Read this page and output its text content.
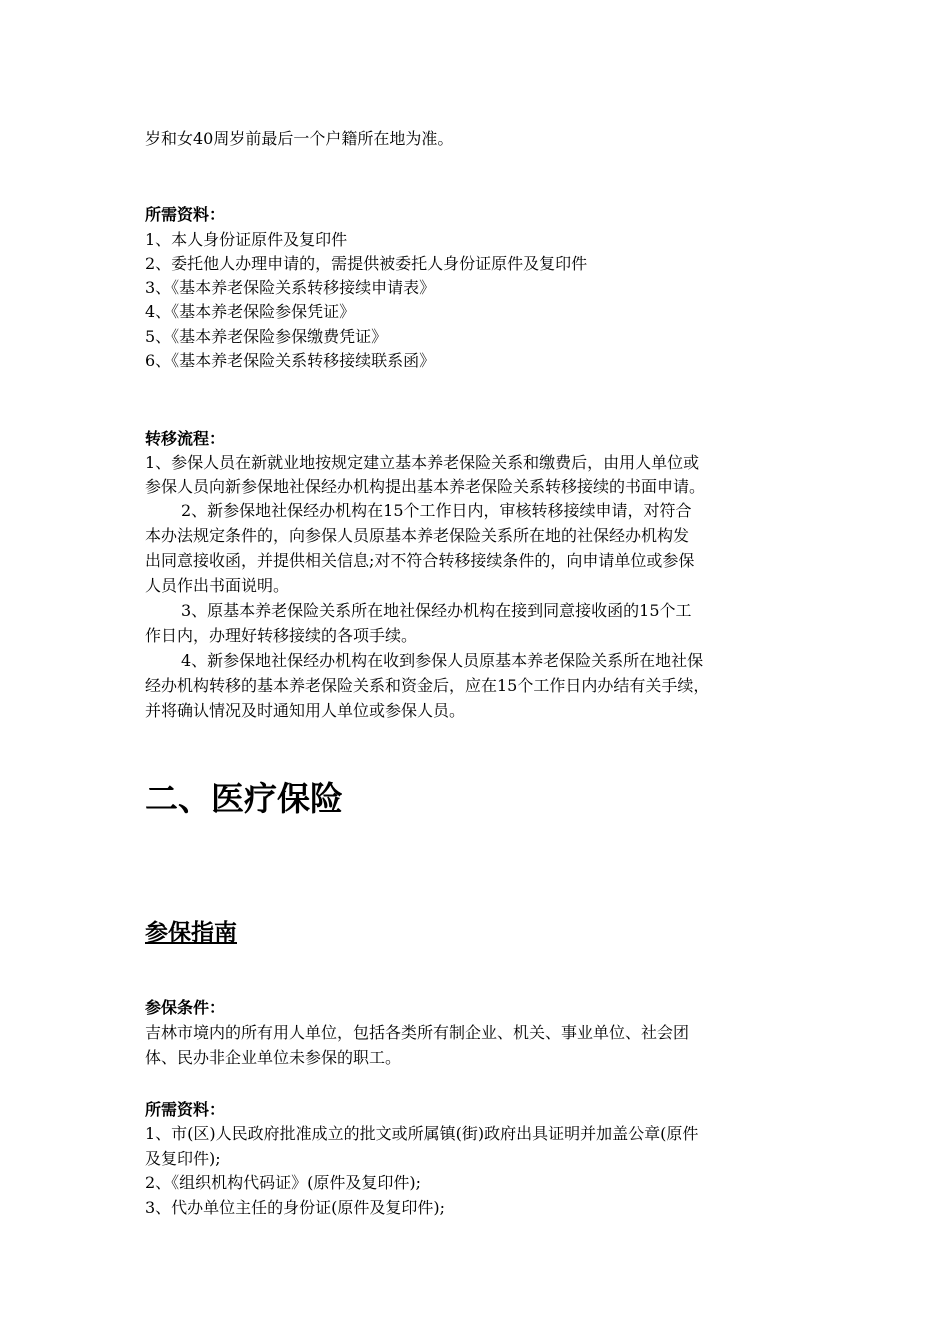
岁和女40周岁前最后一个户籍所在地为准。
所需资料：
1、本人身份证原件及复印件
2、委托他人办理申请的，需提供被委托人身份证原件及复印件
3、《基本养老保险关系转移接续申请表》
4、《基本养老保险参保凭证》
5、《基本养老保险参保缴费凭证》
6、《基本养老保险关系转移接续联系函》
转移流程：
1、参保人员在新就业地按规定建立基本养老保险关系和缴费后，由用人单位或
参保人员向新参保地社保经办机构提出基本养老保险关系转移接续的书面申请。
2、新参保地社保经办机构在15个工作日内，审核转移接续申请，对符合
本办法规定条件的，向参保人员原基本养老保险关系所在地的社保经办机构发
出同意接收函，并提供相关信息;对不符合转移接续条件的，向申请单位或参保
人员作出书面说明。
3、原基本养老保险关系所在地社保经办机构在接到同意接收函的15个工
作日内，办理好转移接续的各项手续。
4、新参保地社保经办机构在收到参保人员原基本养老保险关系所在地社保
经办机构转移的基本养老保险关系和资金后，应在15个工作日内办结有关手续，
并将确认情况及时通知用人单位或参保人员。
二、医疗保险
参保指南
参保条件：
吉林市境内的所有用人单位，包括各类所有制企业、机关、事业单位、社会团
体、民办非企业单位未参保的职工。
所需资料：
1、市(区)人民政府批准成立的批文或所属镇(街)政府出具证明并加盖公章(原件
及复印件);
2、《组织机构代码证》(原件及复印件);
3、代办单位主任的身份证(原件及复印件);
